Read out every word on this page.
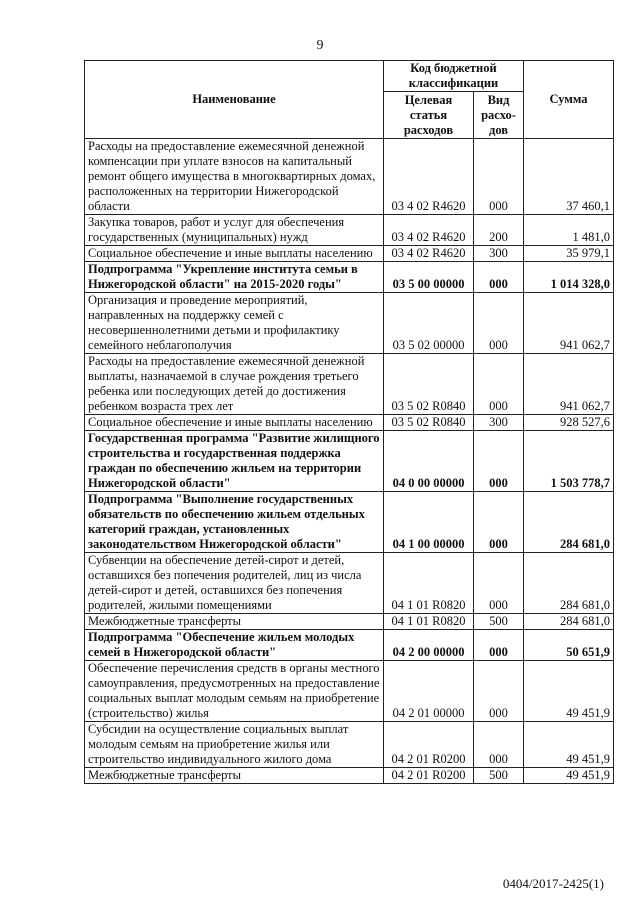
9
Наименование	Код бюджетной классификации		Сумма
	Целевая статья расходов	Вид расхо-дов	
Расходы на предоставление ежемесячной денежной компенсации при уплате взносов на капитальный ремонт общего имущества в многоквартирных домах, расположенных на территории Нижегородской области	03 4 02 R4620	000	37 460,1
Закупка товаров, работ и услуг для обеспечения государственных (муниципальных) нужд	03 4 02 R4620	200	1 481,0
Социальное обеспечение и иные выплаты населению	03 4 02 R4620	300	35 979,1
Подпрограмма "Укрепление института семьи в Нижегородской области" на 2015-2020 годы"	03 5 00 00000	000	1 014 328,0
Организация и проведение мероприятий, направленных на поддержку семей с несовершеннолетними детьми и профилактику семейного неблагополучия	03 5 02 00000	000	941 062,7
Расходы на предоставление ежемесячной денежной выплаты, назначаемой в случае рождения третьего ребенка или последующих детей до достижения ребенком возраста трех лет	03 5 02 R0840	000	941 062,7
Социальное обеспечение и иные выплаты населению	03 5 02 R0840	300	928 527,6
Государственная программа "Развитие жилищного строительства и государственная поддержка граждан по обеспечению жильем на территории Нижегородской области"	04 0 00 00000	000	1 503 778,7
Подпрограмма "Выполнение государственных обязательств по обеспечению жильем отдельных категорий граждан, установленных законодательством Нижегородской области"	04 1 00 00000	000	284 681,0
Субвенции на обеспечение детей-сирот и детей, оставшихся без попечения родителей, лиц из числа детей-сирот и детей, оставшихся без попечения родителей, жилыми помещениями	04 1 01 R0820	000	284 681,0
Межбюджетные трансферты	04 1 01 R0820	500	284 681,0
Подпрограмма "Обеспечение жильем молодых семей в Нижегородской области"	04 2 00 00000	000	50 651,9
Обеспечение перечисления средств в органы местного самоуправления, предусмотренных на предоставление социальных выплат молодым семьям на приобретение (строительство) жилья	04 2 01 00000	000	49 451,9
Субсидии на осуществление социальных выплат молодым семьям на приобретение жилья или строительство индивидуального жилого дома	04 2 01 R0200	000	49 451,9
Межбюджетные трансферты	04 2 01 R0200	500	49 451,9
0404/2017-2425(1)
